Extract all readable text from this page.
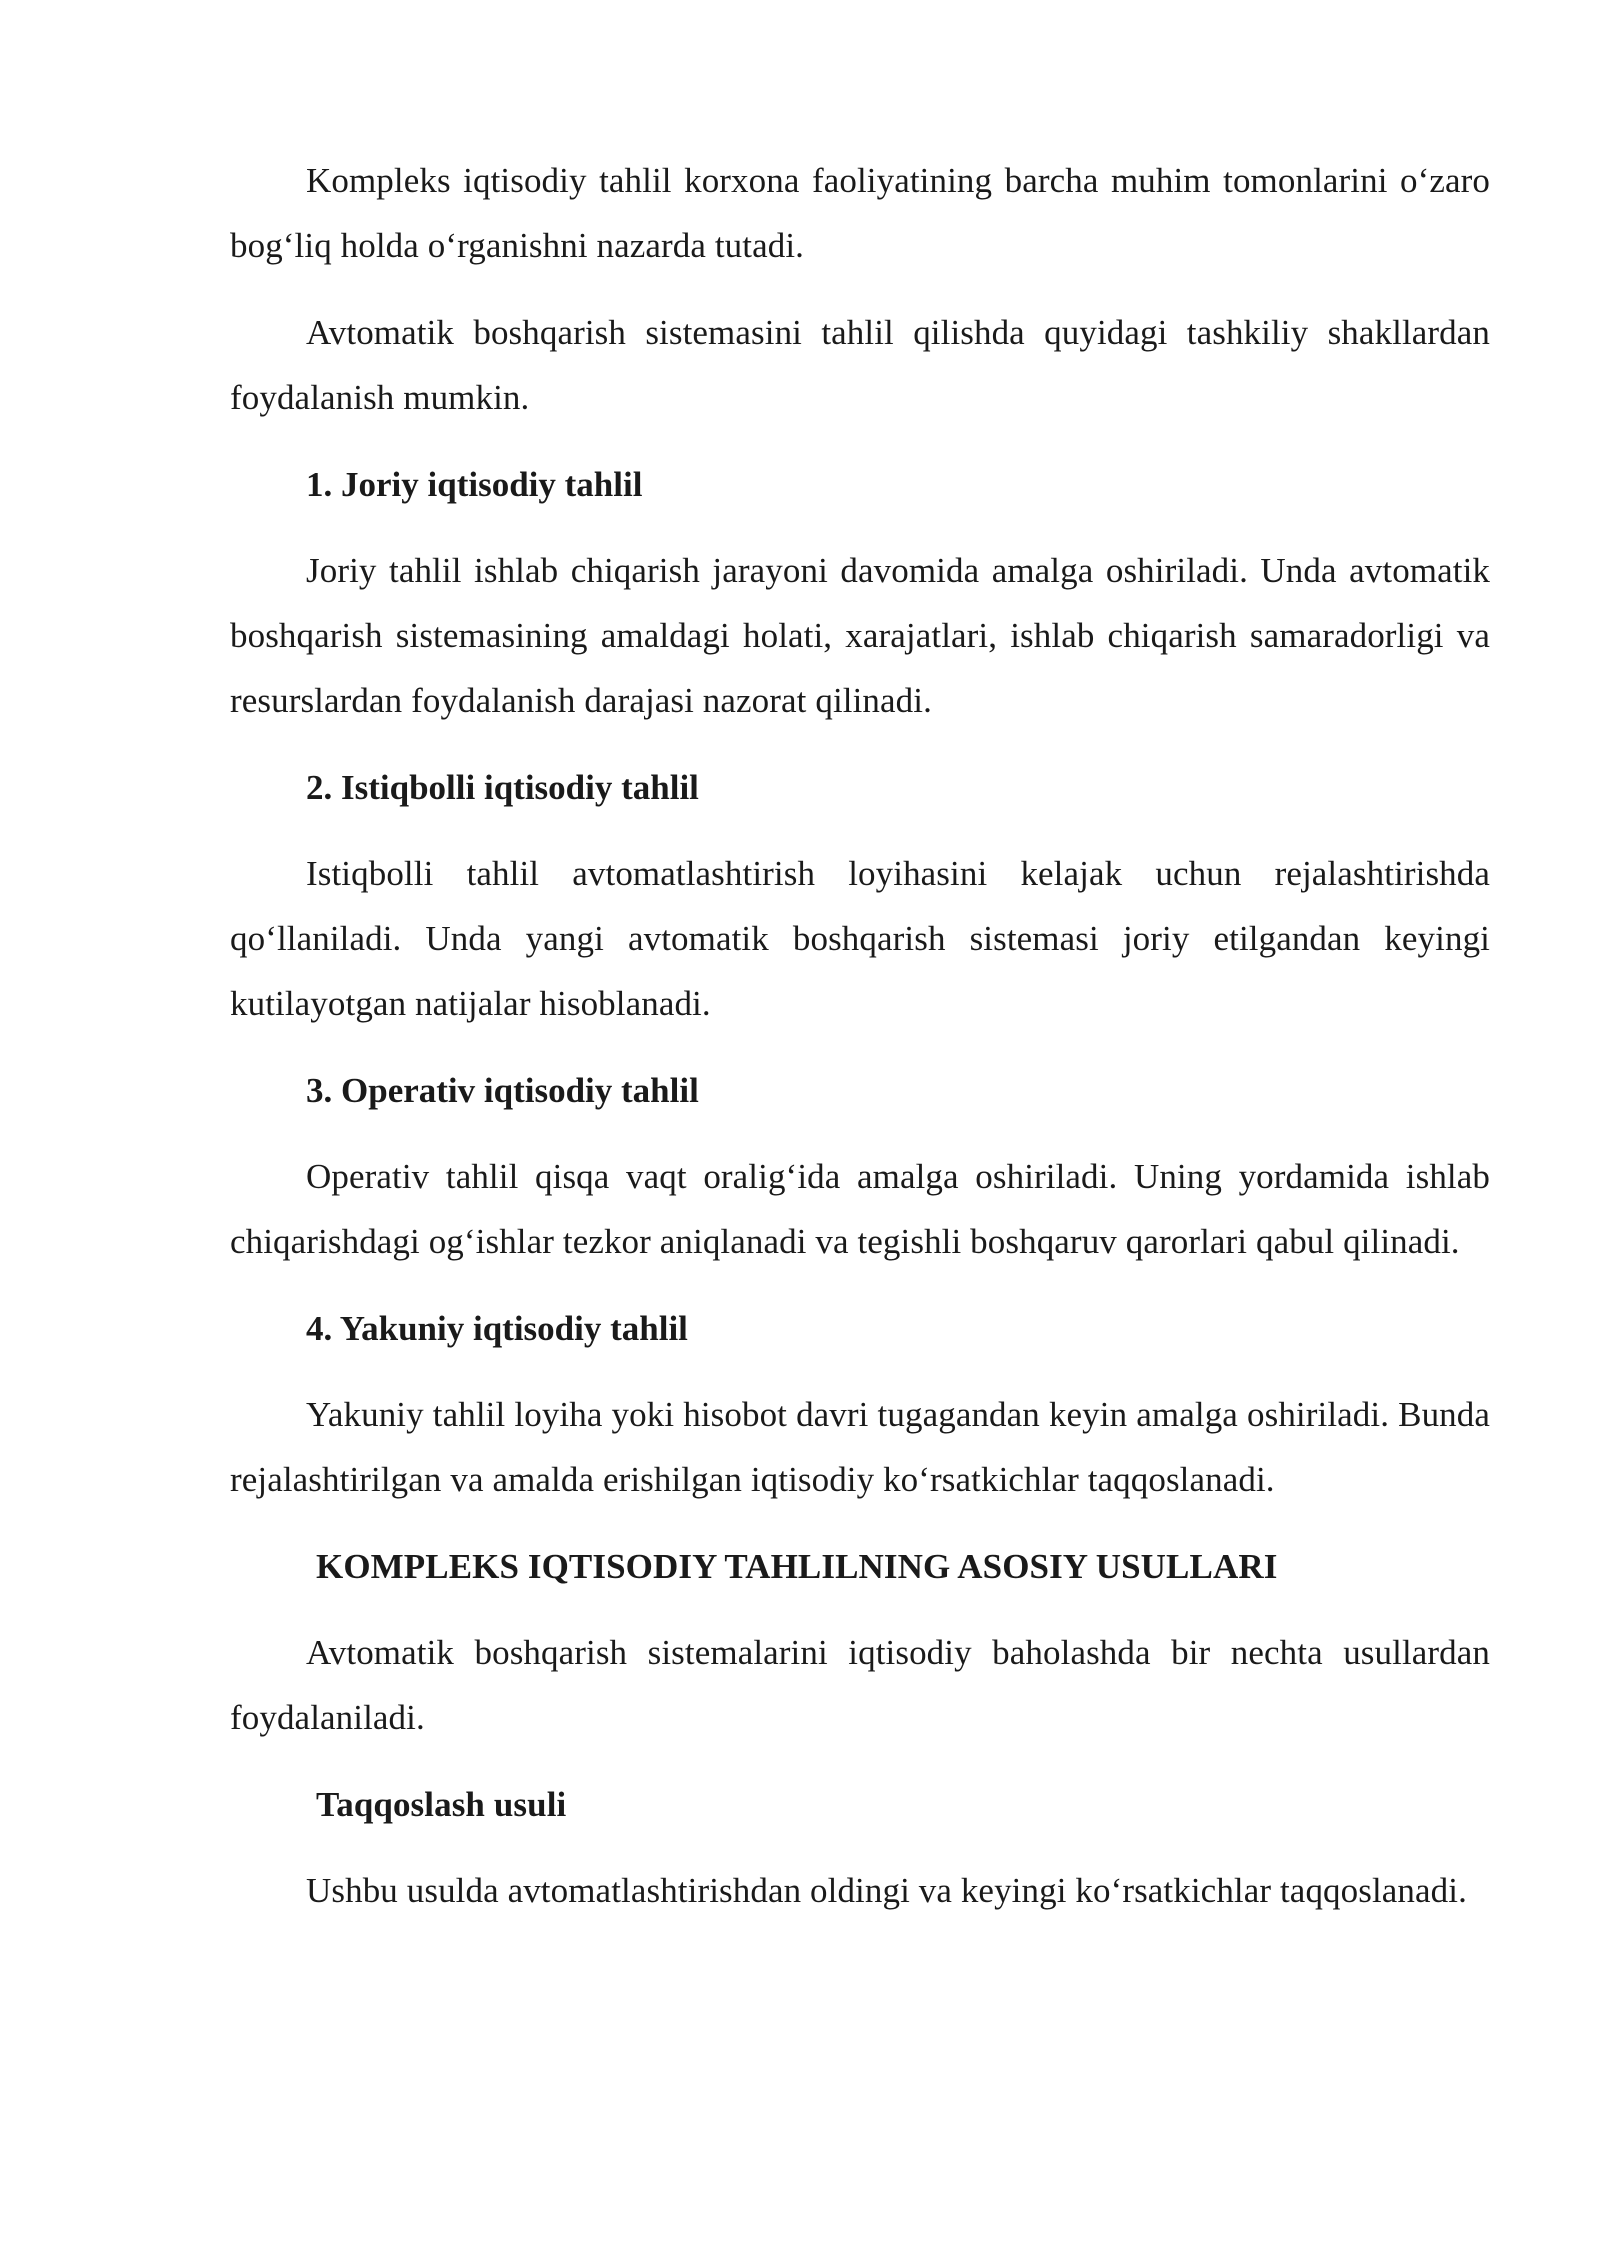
Kompleks iqtisodiy tahlil korxona faoliyatining barcha muhim tomonlarini o‘zaro bog‘liq holda o‘rganishni nazarda tutadi.

Avtomatik boshqarish sistemasini tahlil qilishda quyidagi tashkiliy shakllardan foydalanish mumkin.

1. Joriy iqtisodiy tahlil

Joriy tahlil ishlab chiqarish jarayoni davomida amalga oshiriladi. Unda avtomatik boshqarish sistemasining amaldagi holati, xarajatlari, ishlab chiqarish samaradorligi va resurslardan foydalanish darajasi nazorat qilinadi.

2. Istiqbolli iqtisodiy tahlil

Istiqbolli tahlil avtomatlashtirish loyihasini kelajak uchun rejalashtirishda qo‘llaniladi. Unda yangi avtomatik boshqarish sistemasi joriy etilgandan keyingi kutilayotgan natijalar hisoblanadi.

3. Operativ iqtisodiy tahlil

Operativ tahlil qisqa vaqt oralig‘ida amalga oshiriladi. Uning yordamida ishlab chiqarishdagi og‘ishlar tezkor aniqlanadi va tegishli boshqaruv qarorlari qabul qilinadi.

4. Yakuniy iqtisodiy tahlil

Yakuniy tahlil loyiha yoki hisobot davri tugagandan keyin amalga oshiriladi. Bunda rejalashtirilgan va amalda erishilgan iqtisodiy ko‘rsatkichlar taqqoslanadi.

KOMPLEKS IQTISODIY TAHLILNING ASOSIY USULLARI

Avtomatik boshqarish sistemalarini iqtisodiy baholashda bir nechta usullardan foydalaniladi.

Taqqoslash usuli

Ushbu usulda avtomatlashtirishdan oldingi va keyingi ko‘rsatkichlar taqqoslanadi.
